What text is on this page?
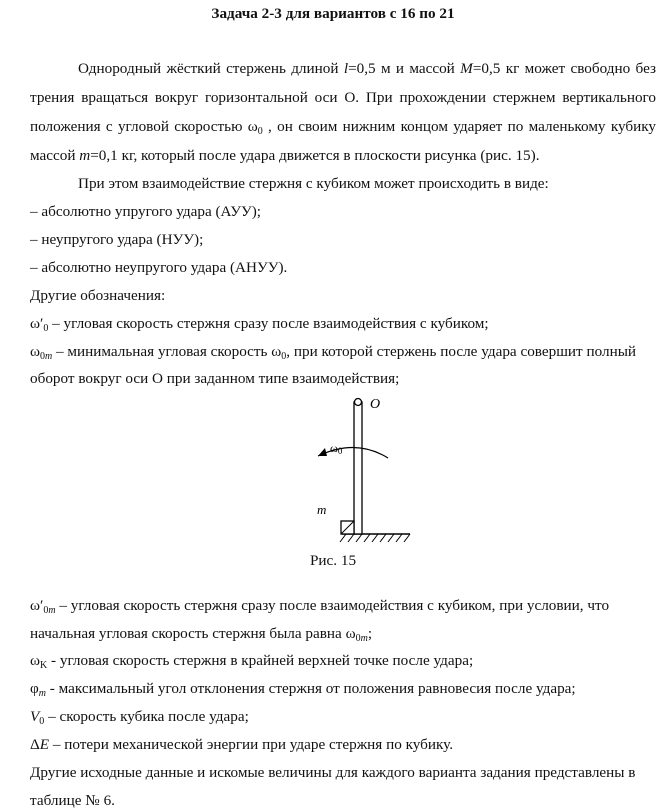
Задача 2-3 для вариантов с 16 по 21
Однородный жёсткий стержень длиной l=0,5 м и массой M=0,5 кг может свободно без
трения вращаться вокруг горизонтальной оси О. При прохождении стержнем вертикального
положения с угловой скоростью $\omega_0$ , он своим нижним концом ударяет по маленькому кубику
массой m=0,1 кг, который после удара движется в плоскости рисунка (рис. 15).
При этом взаимодействие стержня с кубиком может происходить в виде:
– абсолютно упругого удара (АУУ);
– неупругого удара (НУУ);
– абсолютно неупругого удара (АНУУ).
Другие обозначения:
$\omega'_0$ – угловая скорость стержня сразу после взаимодействия с кубиком;
$\omega_{0m}$ – минимальная угловая скорость $\omega_0$, при которой стержень после удара совершит полный
оборот вокруг оси О при заданном типе взаимодействия;
O
ω0
m
Рис. 15
$\omega'_{0m}$ – угловая скорость стержня сразу после взаимодействия с кубиком, при условии, что
начальная угловая скорость стержня была равна $\omega_{0m}$;
$\omega_K$ - угловая скорость стержня в крайней верхней точке после удара;
$\varphi_m$ - максимальный угол отклонения стержня от положения равновесия после удара;
$V_0$ – скорость кубика после удара;
ΔE – потери механической энергии при ударе стержня по кубику.
Другие исходные данные и искомые величины для каждого варианта задания представлены в
таблице № 6.
